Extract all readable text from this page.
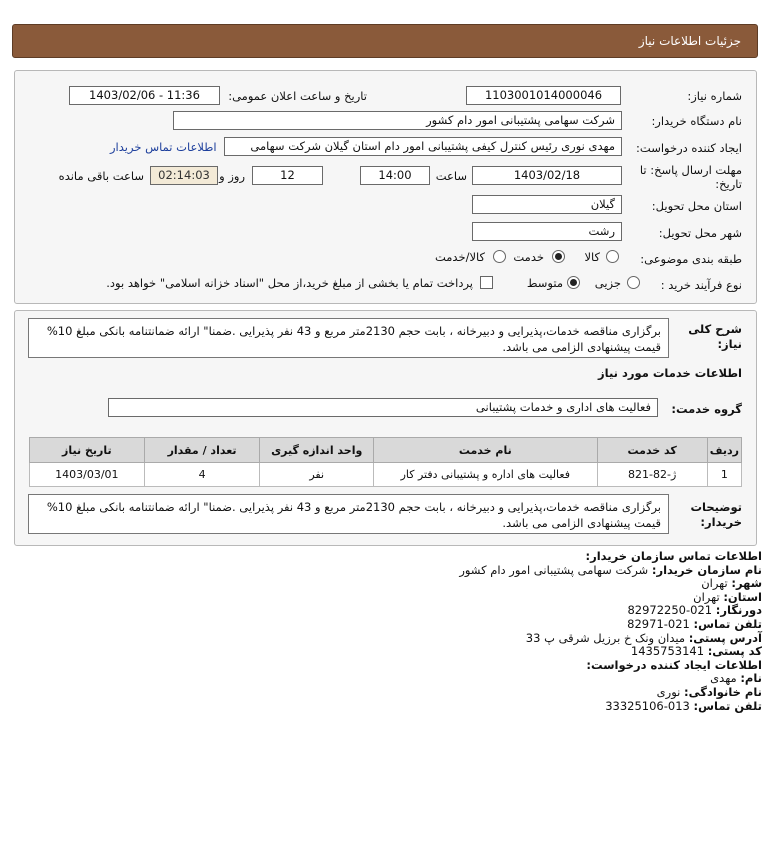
جزئیات اطلاعات نیاز
شماره نیاز:
1103001014000046
تاریخ و ساعت اعلان عمومی:
1403/02/06 - 11:36
نام دستگاه خریدار:
شرکت سهامی پشتیبانی امور دام کشور
ایجاد کننده درخواست:
مهدی نوری رئیس کنترل کیفی پشتیبانی امور دام استان گیلان شرکت سهامی
اطلاعات تماس خریدار
مهلت ارسال پاسخ: تا
تاریخ:
1403/02/18
ساعت
14:00
12
روز و
02:14:03
ساعت باقی مانده
استان محل تحویل:
گیلان
شهر محل تحویل:
رشت
طبقه بندی موضوعی:
کالا
خدمت
کالا/خدمت
نوع فرآیند خرید :
جزیی
متوسط
پرداخت تمام یا بخشی از مبلغ خرید،از محل "اسناد خزانه اسلامی" خواهد بود.
شرح کلی
نیاز:
برگزاری مناقصه خدمات،پذیرایی و دبیرخانه ، بابت حجم 2130متر مربع و 43 نفر پذیرایی .ضمنا" ارائه ضمانتنامه بانکی مبلغ 10% قیمت پیشنهادی الزامی می باشد.
اطلاعات خدمات مورد نیاز
گروه خدمت:
فعالیت های اداری و خدمات پشتیبانی
ردیف	کد خدمت	نام خدمت	واحد اندازه گیری	تعداد / مقدار	تاریخ نیاز
1	ژ-82-821	فعالیت های اداره و پشتیبانی دفتر کار	نفر	4	1403/03/01
توضیحات
خریدار:
برگزاری مناقصه خدمات،پذیرایی و دبیرخانه ، بابت حجم 2130متر مربع و 43 نفر پذیرایی .ضمنا" ارائه ضمانتنامه بانکی مبلغ 10% قیمت پیشنهادی الزامی می باشد.
اطلاعات تماس سازمان خریدار:
نام سازمان خریدار: شرکت سهامی پشتیبانی امور دام کشور
شهر: تهران
استان: تهران
دورنگار: 021-82972250
تلفن تماس: 021-82971
آدرس پستی: میدان ونک خ برزیل شرقی پ 33
کد پستی: 1435753141
اطلاعات ایجاد کننده درخواست:
نام: مهدی
نام خانوادگی: نوری
تلفن تماس: 013-33325106
